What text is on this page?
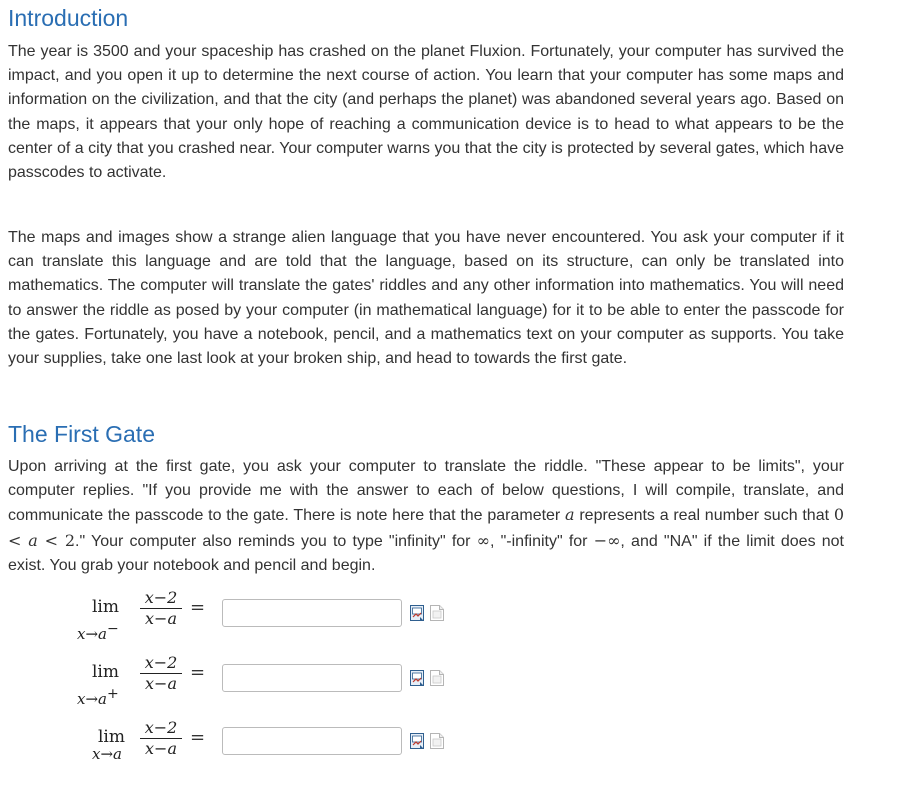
Introduction

The year is 3500 and your spaceship has crashed on the planet Fluxion. Fortunately, your computer has survived the impact, and you open it up to determine the next course of action. You learn that your computer has some maps and information on the civilization, and that the city (and perhaps the planet) was abandoned several years ago. Based on the maps, it appears that your only hope of reaching a communication device is to head to what appears to be the center of a city that you crashed near. Your computer warns you that the city is protected by several gates, which have passcodes to activate.

The maps and images show a strange alien language that you have never encountered. You ask your computer if it can translate this language and are told that the language, based on its structure, can only be translated into mathematics. The computer will translate the gates' riddles and any other information into mathematics. You will need to answer the riddle as posed by your computer (in mathematical language) for it to be able to enter the passcode for the gates. Fortunately, you have a notebook, pencil, and a mathematics text on your computer as supports. You take your supplies, take one last look at your broken ship, and head to towards the first gate.

The First Gate

Upon arriving at the first gate, you ask your computer to translate the riddle. "These appear to be limits", your computer replies. "If you provide me with the answer to each of below questions, I will compile, translate, and communicate the passcode to the gate. There is note here that the parameter a represents a real number such that 0 < a < 2." Your computer also reminds you to type "infinity" for ∞, "-infinity" for −∞, and "NA" if the limit does not exist. You grab your notebook and pencil and begin.

lim
x→a−
x−2
x−a
=
lim
x→a+
x−2
x−a
=
lim
x→a
x−2
x−a
=
